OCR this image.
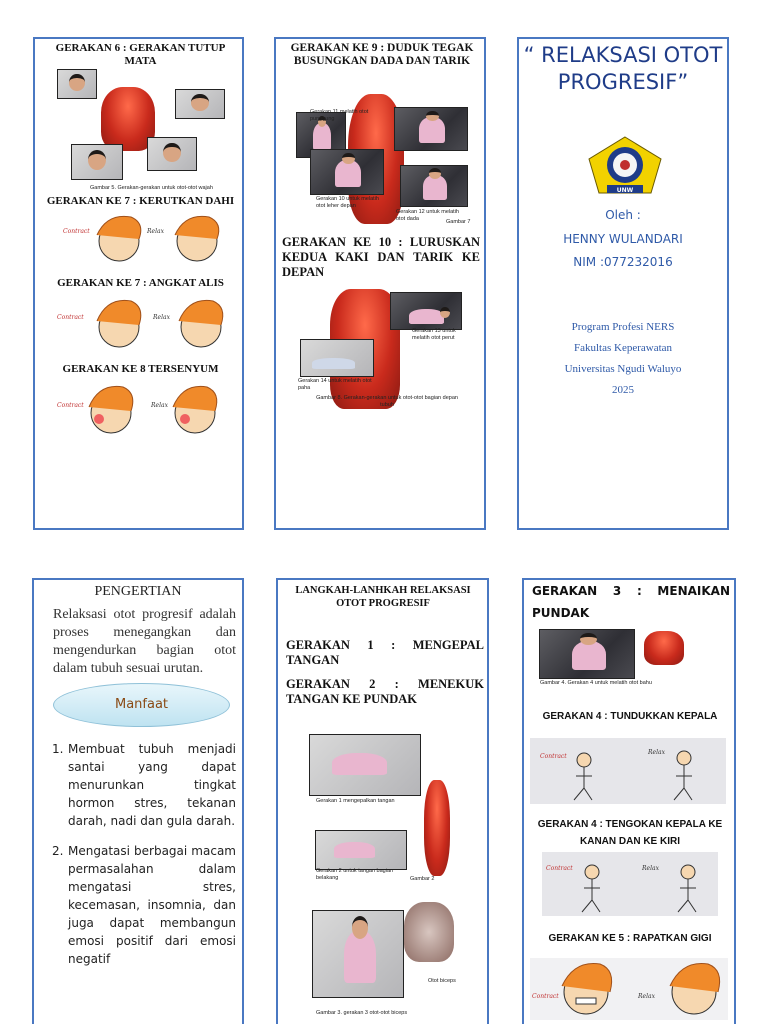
GERAKAN 6 : GERAKAN TUTUP MATA
Gambar 5. Gerakan-gerakan untuk otot-otot wajah
GERAKAN KE 7 : KERUTKAN DAHI
Contract	Relax
GERAKAN KE 7 : ANGKAT ALIS
Contract	Relax
GERAKAN KE 8 TERSENYUM
Contract	Relax
GERAKAN KE 9 : DUDUK TEGAK BUSUNGKAN DADA DAN TARIK
Gerakan 11 melatih otot punggung
Gerakan 10 untuk melatih otot leher depan
Gerakan 12 untuk melatih otot dada	Gambar 7
GERAKAN KE 10 : LURUSKAN KEDUA KAKI DAN TARIK KE DEPAN
Gerakan 13 untuk melatih otot perut
Gerakan 14 untuk melatih otot paha
Gambar 8. Gerakan-gerakan untuk otot-otot bagian depan tubuh
“ RELAKSASI OTOT PROGRESIF”
UNW
Oleh :
HENNY WULANDARI
NIM :077232016
Program Profesi NERS
Fakultas Keperawatan
Universitas Ngudi Waluyo
2025
PENGERTIAN
Relaksasi otot progresif adalah proses menegangkan dan mengendurkan bagian otot dalam tubuh sesuai urutan.
Manfaat
1. Membuat tubuh menjadi santai yang dapat menurunkan tingkat hormon stres, tekanan darah, nadi dan gula darah.
2. Mengatasi berbagai macam permasalahan dalam mengatasi stres, kecemasan, insomnia, dan juga dapat membangun emosi positif dari emosi negatif
LANGKAH-LANHKAH RELAKSASI OTOT PROGRESIF
GERAKAN 1 : MENGEPAL TANGAN
GERAKAN 2 : MENEKUK TANGAN KE PUNDAK
Gerakan 1 mengepalkan tangan
Gerakan 2 untuk tangan bagian belakang	Gambar 2
Otot biceps
Gambar 3. gerakan 3 otot-otot biceps
GERAKAN 3 : MENAIKAN PUNDAK
Gambar 4. Gerakan 4 untuk melatih otot bahu
GERAKAN 4 : TUNDUKKAN KEPALA
Contract
Relax
GERAKAN 4 : TENGOKAN KEPALA KE KANAN DAN KE KIRI
Contract	Relax
GERAKAN KE 5 : RAPATKAN GIGI
Contract	Relax
